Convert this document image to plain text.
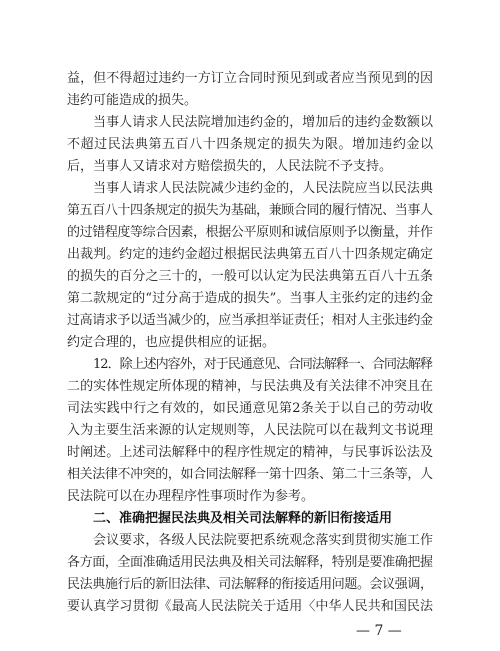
益，但不得超过违约一方订立合同时预见到或者应当预见到的因
违约可能造成的损失。
当事人请求人民法院增加违约金的，增加后的违约金数额以
不超过民法典第五百八十四条规定的损失为限。增加违约金以
后，当事人又请求对方赔偿损失的，人民法院不予支持。
当事人请求人民法院减少违约金的，人民法院应当以民法典
第五百八十四条规定的损失为基础，兼顾合同的履行情况、当事人
的过错程度等综合因素，根据公平原则和诚信原则予以衡量，并作
出裁判。约定的违约金超过根据民法典第五百八十四条规定确定
的损失的百分之三十的，一般可以认定为民法典第五百八十五条
第二款规定的“过分高于造成的损失”。当事人主张约定的违约金
过高请求予以适当减少的，应当承担举证责任；相对人主张违约金
约定合理的，也应提供相应的证据。
12．除上述内容外，对于民通意见、合同法解释一、合同法解释
二的实体性规定所体现的精神，与民法典及有关法律不冲突且在
司法实践中行之有效的，如民通意见第2条关于以自己的劳动收
入为主要生活来源的认定规则等，人民法院可以在裁判文书说理
时阐述。上述司法解释中的程序性规定的精神，与民事诉讼法及
相关法律不冲突的，如合同法解释一第十四条、第二十三条等，人
民法院可以在办理程序性事项时作为参考。
二、准确把握民法典及相关司法解释的新旧衔接适用
会议要求，各级人民法院要把系统观念落实到贯彻实施工作
各方面，全面准确适用民法典及相关司法解释，特别是要准确把握
民法典施行后的新旧法律、司法解释的衔接适用问题。会议强调，
要认真学习贯彻《最高人民法院关于适用〈中华人民共和国民法
— 7 —
